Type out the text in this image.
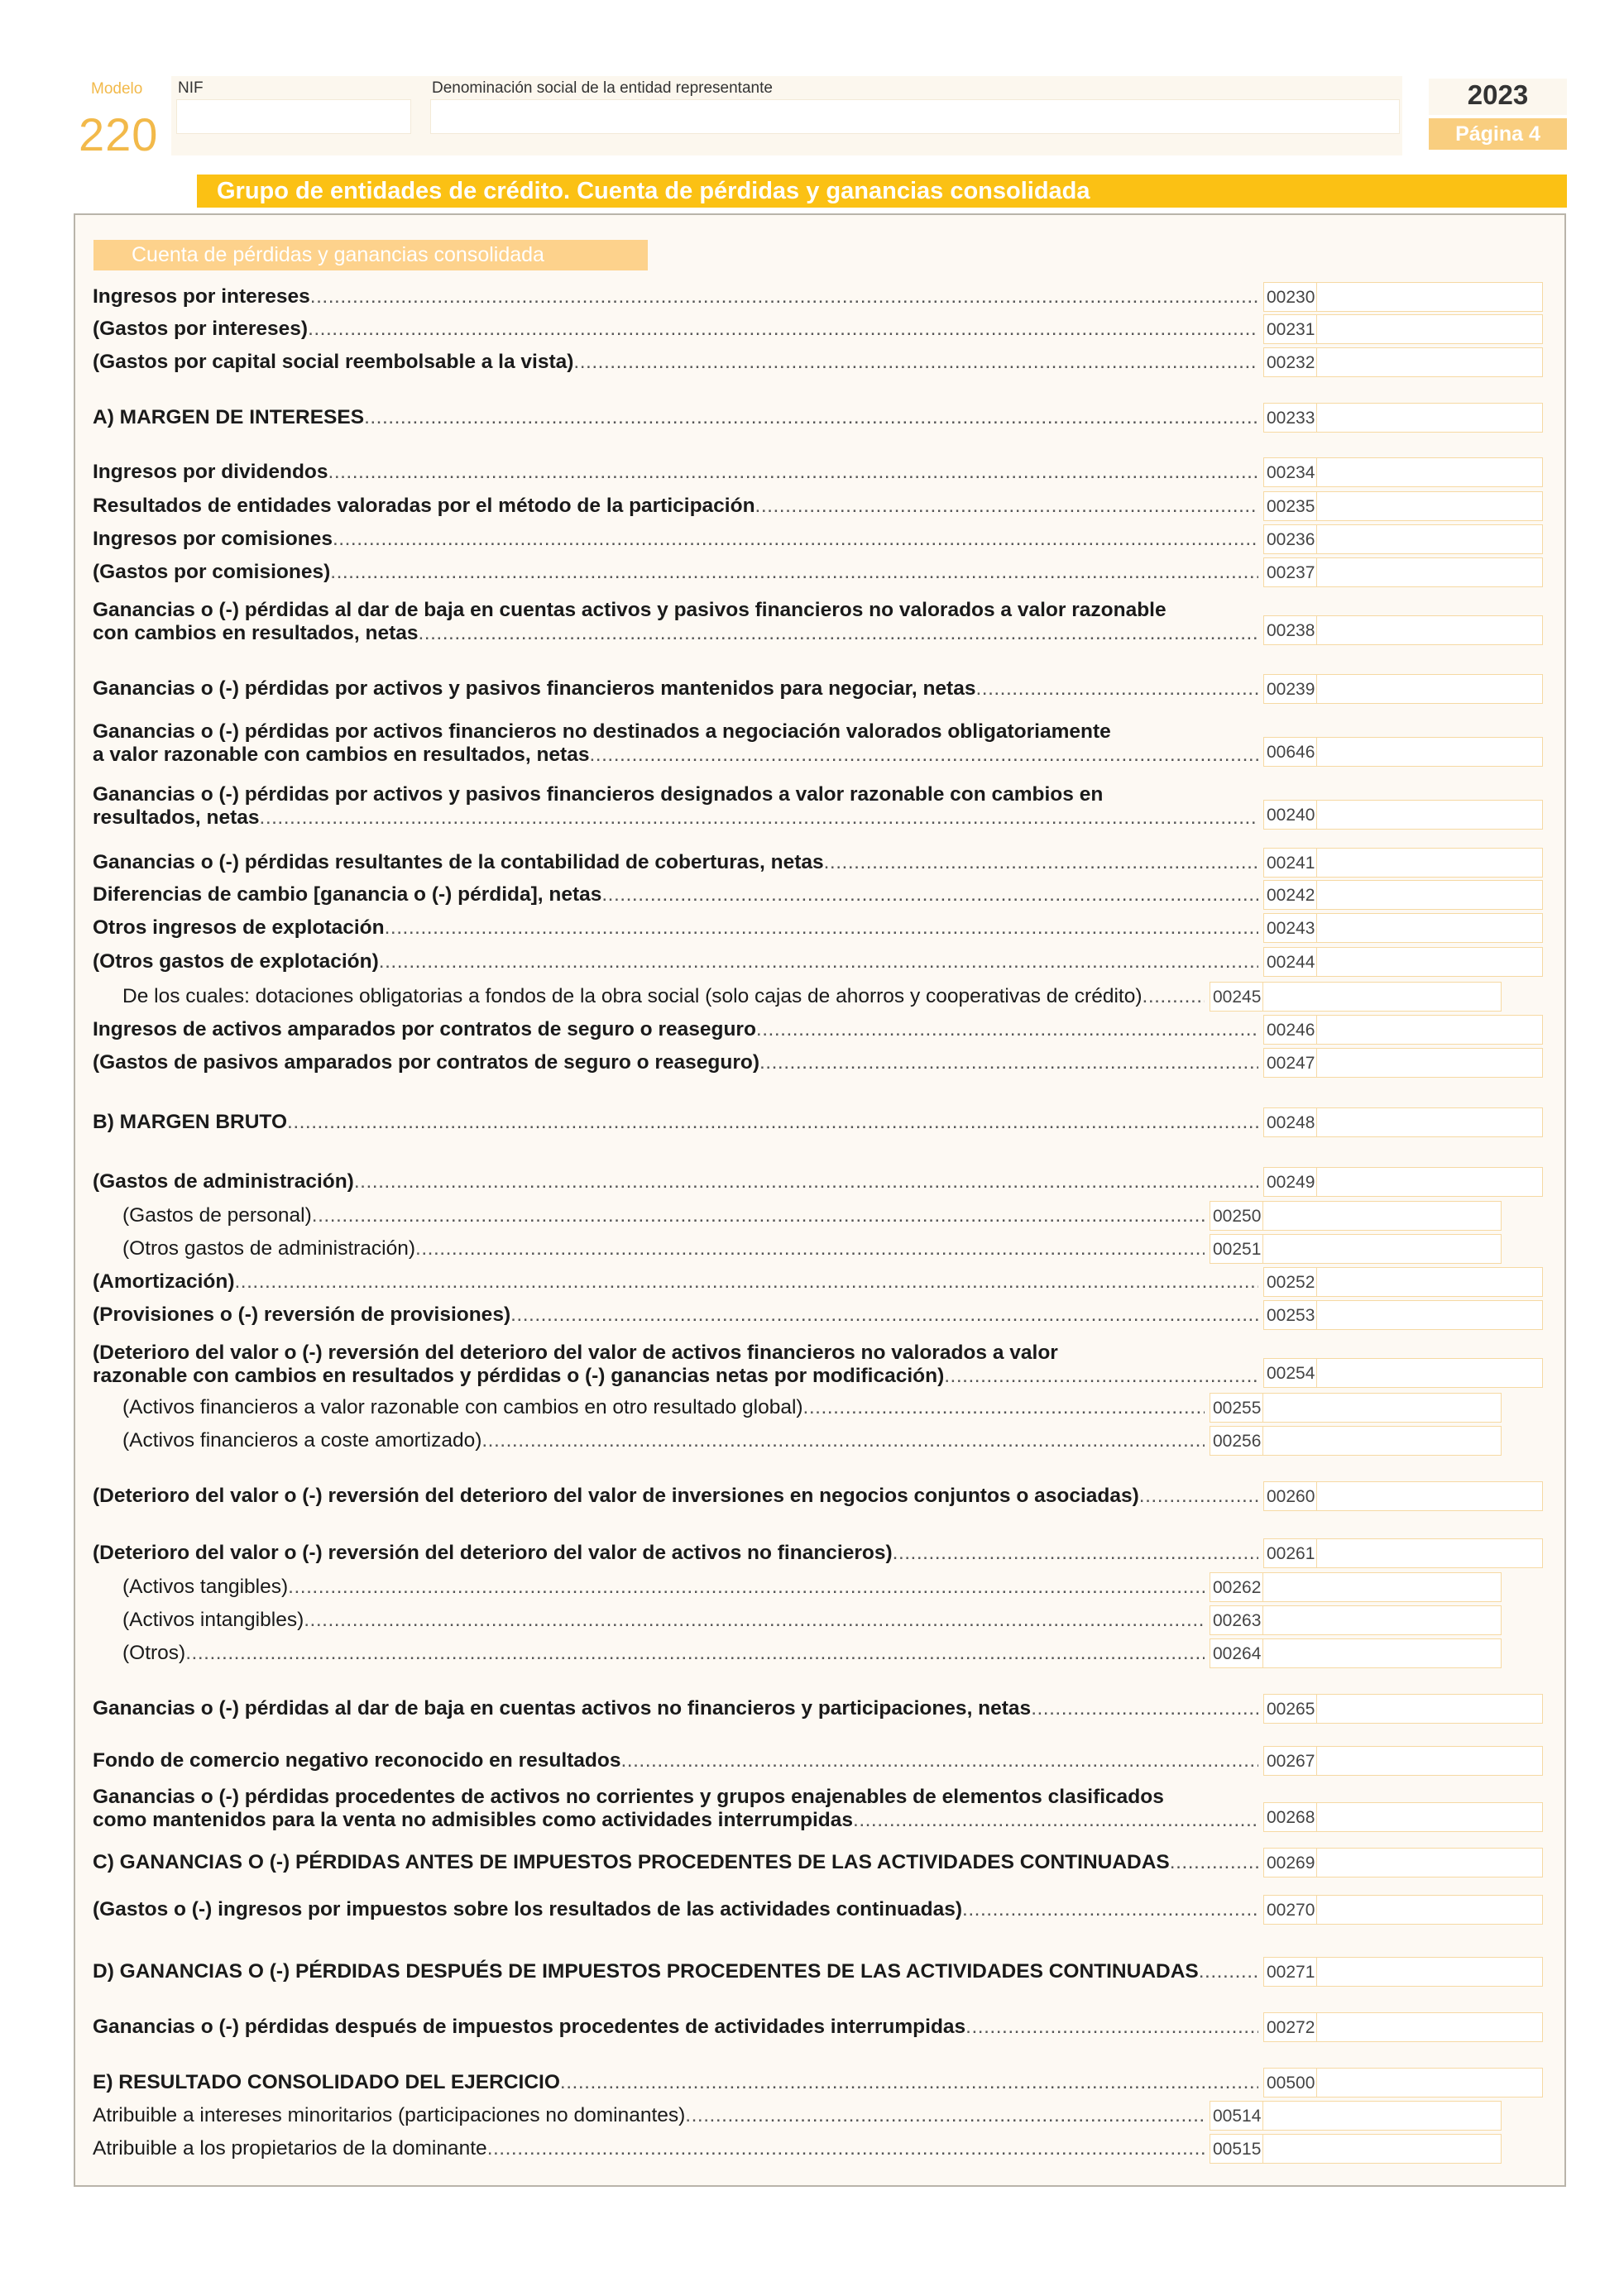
Modelo
220
NIF	Denominación social de la entidad representante	2023
Página 4
Grupo de entidades de crédito. Cuenta de pérdidas y ganancias consolidada
Cuenta de pérdidas y ganancias consolidada
Ingresos por intereses .....	00230
(Gastos por intereses) .....	00231
(Gastos por capital social reembolsable a la vista) .....	00232
A) MARGEN DE INTERESES .....	00233
Ingresos por dividendos .....	00234
Resultados de entidades valoradas por el método de la participación .....	00235
Ingresos por comisiones .....	00236
(Gastos por comisiones) .....	00237
Ganancias o (-) pérdidas al dar de baja en cuentas activos y pasivos financieros no valorados a valor razonable
con cambios en resultados, netas .....	00238
Ganancias o (-) pérdidas por activos y pasivos financieros mantenidos para negociar, netas .....	00239
Ganancias o (-) pérdidas por activos financieros no destinados a negociación valorados obligatoriamente
a valor razonable con cambios en resultados, netas .....	00646
Ganancias o (-) pérdidas por activos y pasivos financieros designados a valor razonable con cambios en
resultados, netas .....	00240
Ganancias o (-) pérdidas resultantes de la contabilidad de coberturas, netas .....	00241
Diferencias de cambio [ganancia o (-) pérdida], netas .....	00242
Otros ingresos de explotación .....	00243
(Otros gastos de explotación) .....	00244
De los cuales: dotaciones obligatorias a fondos de la obra social (solo cajas de ahorros y cooperativas de crédito) .....	00245
Ingresos de activos amparados por contratos de seguro o reaseguro .....	00246
(Gastos de pasivos amparados por contratos de seguro o reaseguro) .....	00247
B) MARGEN BRUTO .....	00248
(Gastos de administración) .....	00249
(Gastos de personal) .....	00250
(Otros gastos de administración) .....	00251
(Amortización) .....	00252
(Provisiones o (-) reversión de provisiones) .....	00253
(Deterioro del valor o (-) reversión del deterioro del valor de activos financieros no valorados a valor
razonable con cambios en resultados y pérdidas o (-) ganancias netas por modificación) .....	00254
(Activos financieros a valor razonable con cambios en otro resultado global) .....	00255
(Activos financieros a coste amortizado) .....	00256
(Deterioro del valor o (-) reversión del deterioro del valor de inversiones en negocios conjuntos o asociadas) .....	00260
(Deterioro del valor o (-) reversión del deterioro del valor de activos no financieros) .....	00261
(Activos tangibles) .....	00262
(Activos intangibles) .....	00263
(Otros) .....	00264
Ganancias o (-) pérdidas al dar de baja en cuentas activos no financieros y participaciones, netas .....	00265
Fondo de comercio negativo reconocido en resultados .....	00267
Ganancias o (-) pérdidas procedentes de activos no corrientes y grupos enajenables de elementos clasificados
como mantenidos para la venta no admisibles como actividades interrumpidas .....	00268
C) GANANCIAS O (-) PÉRDIDAS ANTES DE IMPUESTOS PROCEDENTES DE LAS ACTIVIDADES CONTINUADAS .....	00269
(Gastos o (-) ingresos por impuestos sobre los resultados de las actividades continuadas) .....	00270
D) GANANCIAS O (-) PÉRDIDAS DESPUÉS DE IMPUESTOS PROCEDENTES DE LAS ACTIVIDADES CONTINUADAS .....	00271
Ganancias o (-) pérdidas después de impuestos procedentes de actividades interrumpidas .....	00272
E) RESULTADO CONSOLIDADO DEL EJERCICIO .....	00500
Atribuible a intereses minoritarios (participaciones no dominantes) .....	00514
Atribuible a los propietarios de la dominante .....	00515
